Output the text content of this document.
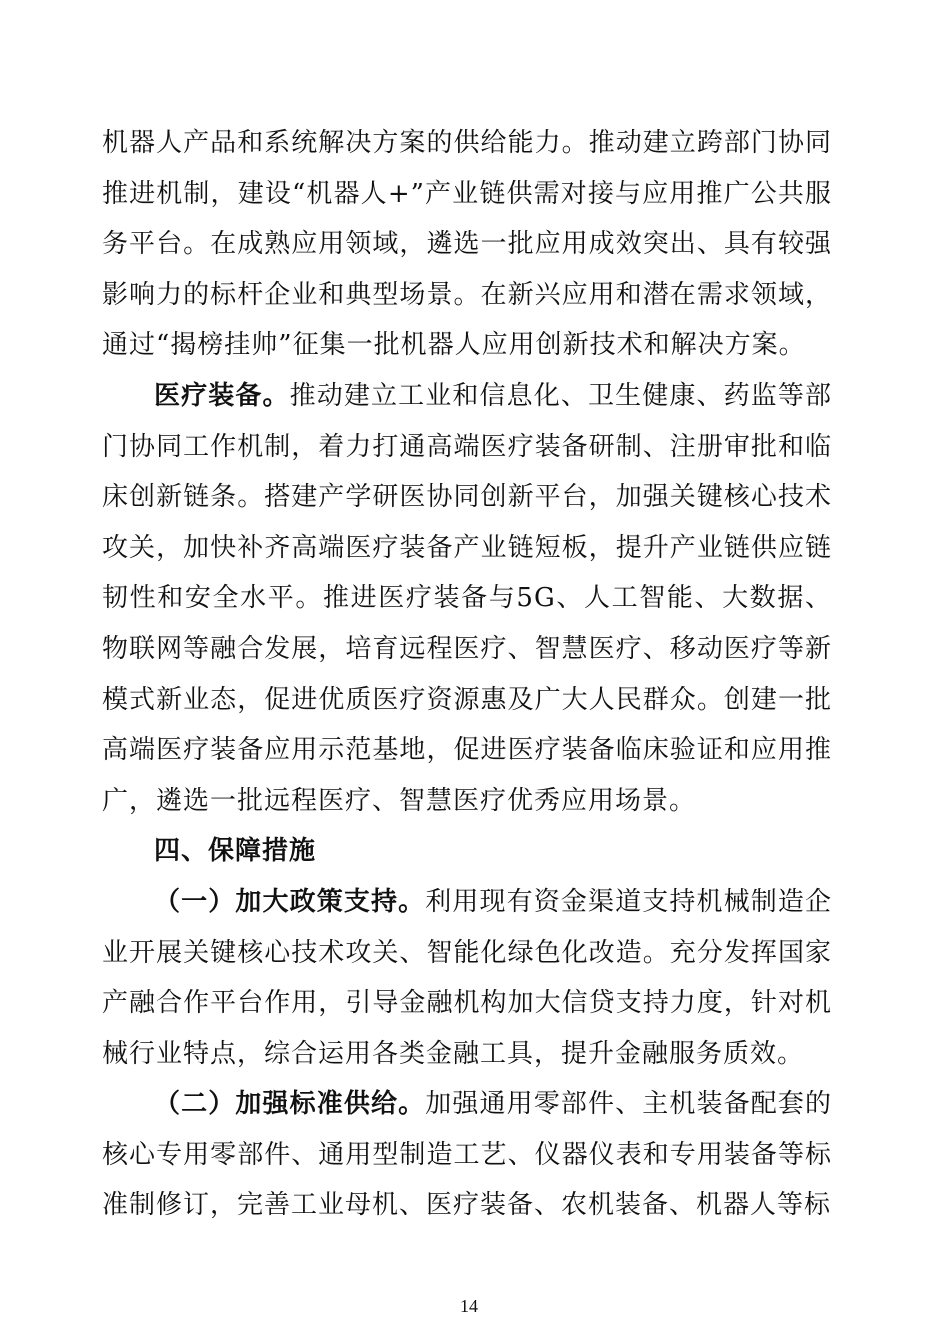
机器人产品和系统解决方案的供给能力。推动建立跨部门协同推进机制，建设“机器人+”产业链供需对接与应用推广公共服务平台。在成熟应用领域，遴选一批应用成效突出、具有较强影响力的标杆企业和典型场景。在新兴应用和潜在需求领域，通过“揭榜挂帅”征集一批机器人应用创新技术和解决方案。

医疗装备。推动建立工业和信息化、卫生健康、药监等部门协同工作机制，着力打通高端医疗装备研制、注册审批和临床创新链条。搭建产学研医协同创新平台，加强关键核心技术攻关，加快补齐高端医疗装备产业链短板，提升产业链供应链韧性和安全水平。推进医疗装备与5G、人工智能、大数据、物联网等融合发展，培育远程医疗、智慧医疗、移动医疗等新模式新业态，促进优质医疗资源惠及广大人民群众。创建一批高端医疗装备应用示范基地，促进医疗装备临床验证和应用推广，遴选一批远程医疗、智慧医疗优秀应用场景。

四、保障措施

（一）加大政策支持。利用现有资金渠道支持机械制造企业开展关键核心技术攻关、智能化绿色化改造。充分发挥国家产融合作平台作用，引导金融机构加大信贷支持力度，针对机械行业特点，综合运用各类金融工具，提升金融服务质效。

（二）加强标准供给。加强通用零部件、主机装备配套的核心专用零部件、通用型制造工艺、仪器仪表和专用装备等标准制修订，完善工业母机、医疗装备、农机装备、机器人等标

14
